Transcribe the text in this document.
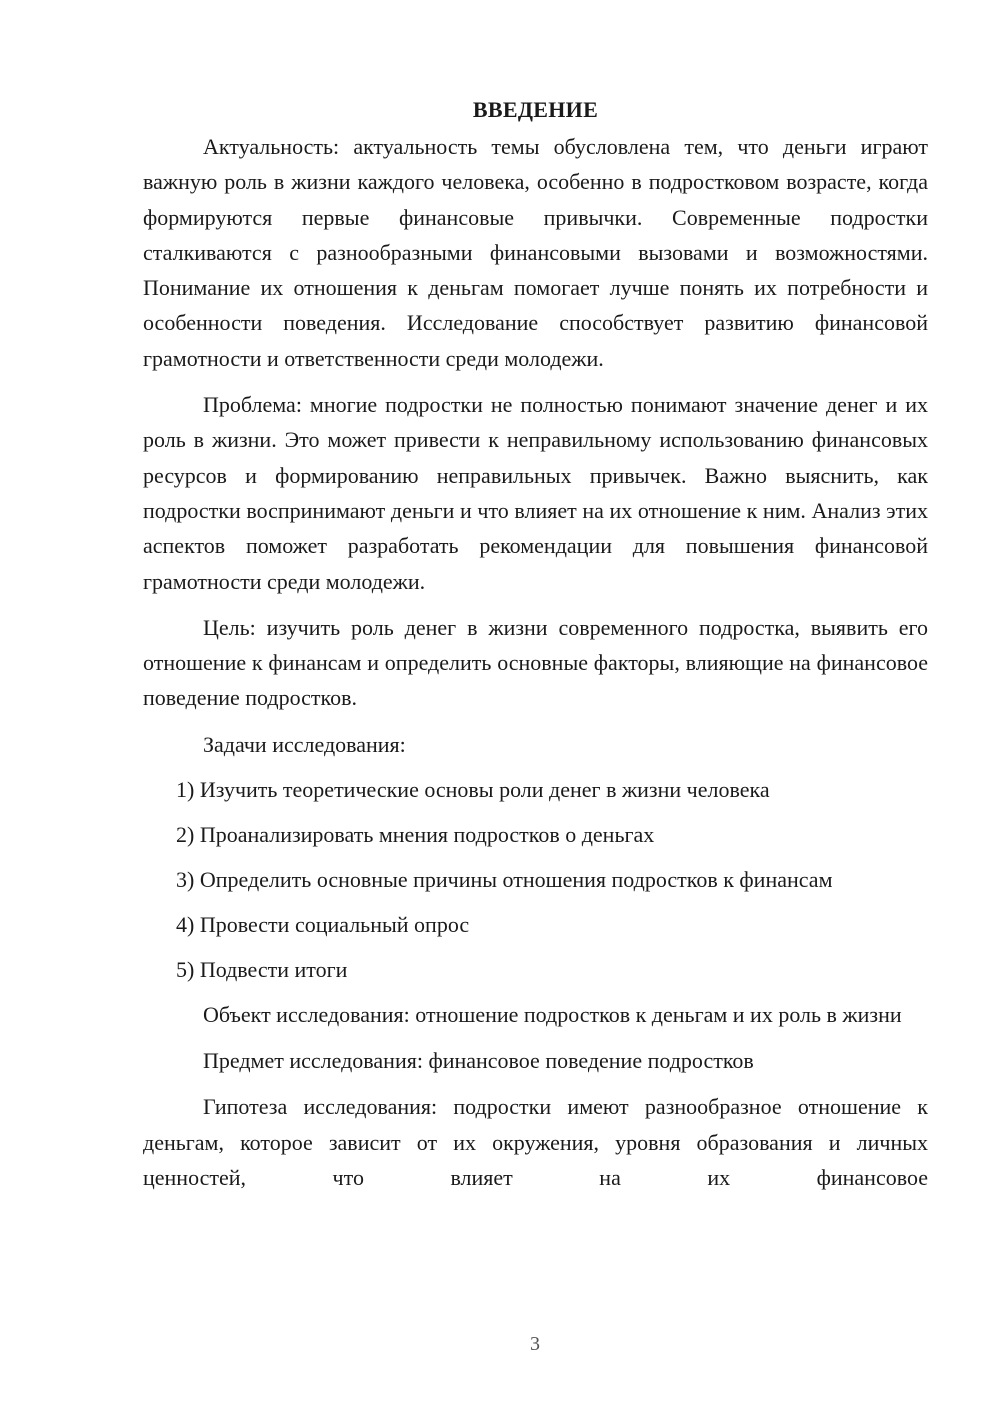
ВВЕДЕНИЕ

Актуальность: актуальность темы обусловлена тем, что деньги играют важную роль в жизни каждого человека, особенно в подростковом возрасте, когда формируются первые финансовые привычки. Современные подростки сталкиваются с разнообразными финансовыми вызовами и возможностями. Понимание их отношения к деньгам помогает лучше понять их потребности и особенности поведения. Исследование способствует развитию финансовой грамотности и ответственности среди молодежи.

Проблема: многие подростки не полностью понимают значение денег и их роль в жизни. Это может привести к неправильному использованию финансовых ресурсов и формированию неправильных привычек. Важно выяснить, как подростки воспринимают деньги и что влияет на их отношение к ним. Анализ этих аспектов поможет разработать рекомендации для повышения финансовой грамотности среди молодежи.

Цель: изучить роль денег в жизни современного подростка, выявить его отношение к финансам и определить основные факторы, влияющие на финансовое поведение подростков.

Задачи исследования:

1) Изучить теоретические основы роли денег в жизни человека
2) Проанализировать мнения подростков о деньгах
3) Определить основные причины отношения подростков к финансам
4) Провести социальный опрос
5) Подвести итоги

Объект исследования: отношение подростков к деньгам и их роль в жизни

Предмет исследования: финансовое поведение подростков

Гипотеза исследования: подростки имеют разнообразное отношение к деньгам, которое зависит от их окружения, уровня образования и личных ценностей, что влияет на их финансовое

3
